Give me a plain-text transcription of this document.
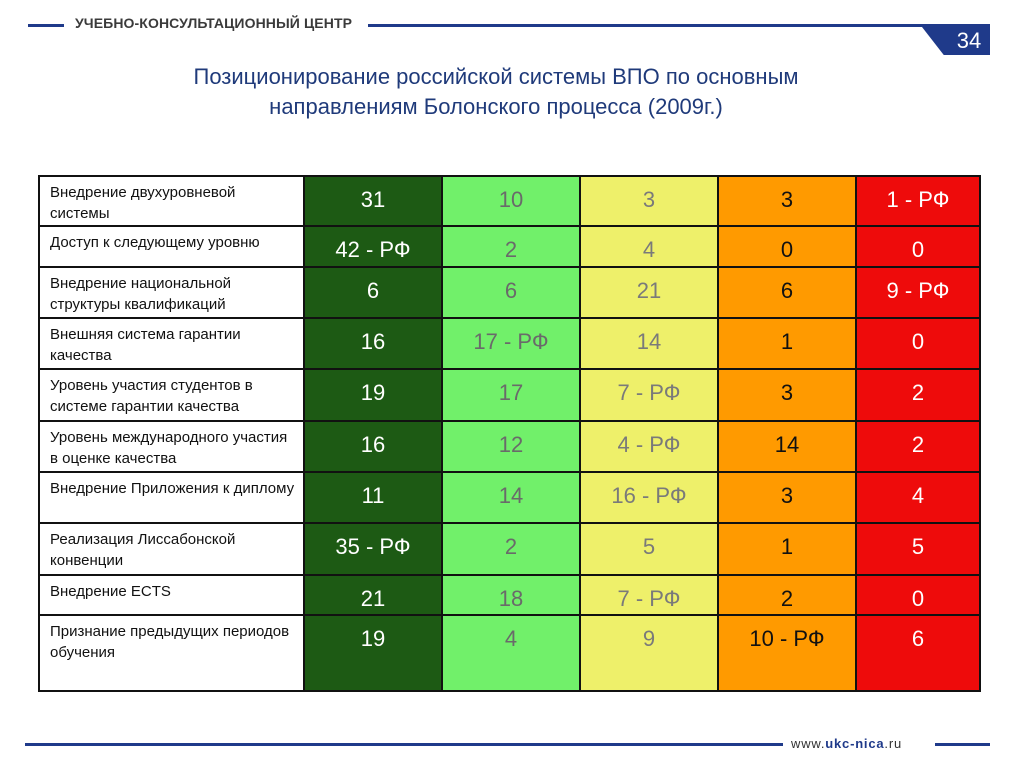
УЧЕБНО-КОНСУЛЬТАЦИОННЫЙ ЦЕНТР
34
Позиционирование российской системы ВПО по основным
направлениям Болонского процесса (2009г.)
Внедрение двухуровневой системы
31	10	3	3	1 - РФ
Доступ к следующему уровню	42 - РФ	2	4	0	0
Внедрение национальной структуры квалификаций
6	6	21	6	9 - РФ
Внешняя система гарантии качества
16	17 - РФ	14	1	0
Уровень участия студентов в системе гарантии качества
19	17	7 - РФ	3	2
Уровень международного участия в оценке качества
16	12	4 - РФ	14	2
Внедрение Приложения к диплому	11	14	16 - РФ	3	4
Реализация Лиссабонской конвенции
35 - РФ	2	5	1	5
Внедрение ECTS	21	18	7 - РФ	2	0
Признание предыдущих периодов обучения
19	4	9	10 - РФ	6
www.ukc-nica.ru
